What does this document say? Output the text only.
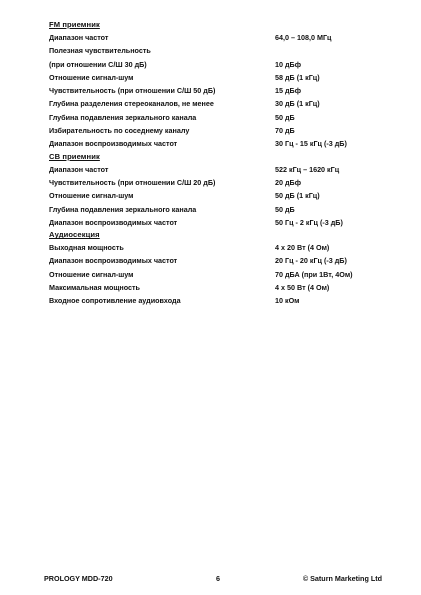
FM приемник
Диапазон частот	64,0 – 108,0 МГц
Полезная чувствительность
(при отношении С/Ш 30 дБ)	10 дБф
Отношение сигнал-шум	58 дБ (1 кГц)
Чувствительность (при отношении С/Ш 50 дБ)	15 дБф
Глубина разделения стереоканалов, не менее	30 дБ (1 кГц)
Глубина подавления зеркального канала	50 дБ
Избирательность по соседнему каналу	70 дБ
Диапазон воспроизводимых частот	30 Гц - 15 кГц (-3 дБ)
СВ приемник
Диапазон частот	522 кГц – 1620 кГц
Чувствительность (при отношении С/Ш 20 дБ)	20 дБф
Отношение сигнал-шум	50 дБ (1 кГц)
Глубина подавления зеркального канала	50 дБ
Диапазон воспроизводимых частот	50 Гц - 2 кГц (-3 дБ)
Аудиосекция
Выходная мощность	4 x 20 Вт (4 Ом)
Диапазон воспроизводимых частот	20 Гц - 20 кГц (-3 дБ)
Отношение сигнал-шум	70 дБА (при 1Вт, 4Ом)
Максимальная мощность	4 x 50 Вт (4 Ом)
Входное сопротивление аудиовхода	10 кОм
PROLOGY MDD-720	6	© Saturn Marketing Ltd
